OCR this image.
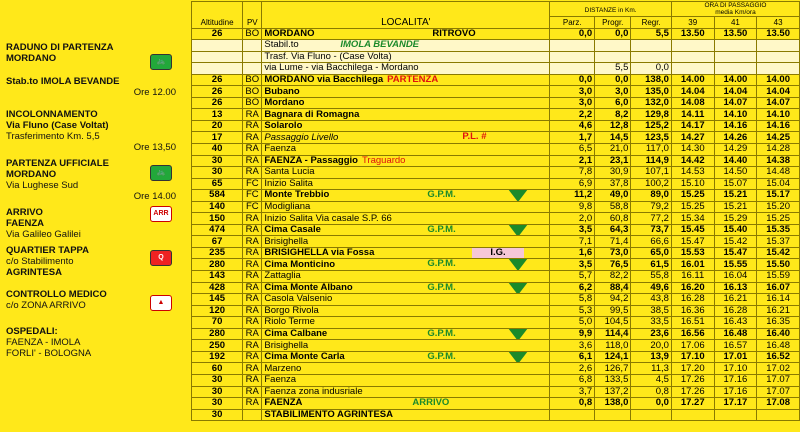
RADUNO DI PARTENZA
MORDANO	🚲
Stab.to IMOLA BEVANDE
Ore 12.00
INCOLONNAMENTO
Via Fluno (Case Voltat)
Trasferimento Km. 5,5
Ore 13,50
PARTENZA UFFICIALE
MORDANO
Via Lughese Sud
Ore 14.00
🚲
ARRIVO
FAENZA
Via Galileo Galilei
ARR
QUARTIER TAPPA
c/o Stabilimento
AGRINTESA
Q
CONTROLLO MEDICO
c/o ZONA ARRIVO	▲
OSPEDALI:
FAENZA - IMOLA
FORLI' - BOLOGNA
Altitudine	PV	LOCALITA'	DISTANZE in Km.			ORA DI PASSAGGIO
media Km/ora		
			Parz.	Progr.	Regr.	39	41	43
26	BO	MORDANO RITROVO	0,0	0,0	5,5	13.50	13.50	13.50
		Stabil.to IMOLA BEVANDE						

		Trasf. Via Fluno - (Case Volta)						
		via Lume - via Bacchilega - Mordano		5,5	0,0			
26	BO	MORDANO via Bacchilega PARTENZA	0,0	0,0	138,0	14.00	14.00	14.00
26	BO	Bubano	3,0	3,0	135,0	14.04	14.04	14.04
26	BO	Mordano	3,0	6,0	132,0	14.08	14.07	14.07
13	RA	Bagnara di Romagna	2,2	8,2	129,8	14.11	14.10	14.10
20	RA	Solarolo	4,6	12,8	125,2	14.17	14.16	14.16
17	RA	Passaggio Livello P.L. #	1,7	14,5	123,5	14.27	14.26	14.25
40	RA	Faenza	6,5	21,0	117,0	14.30	14.29	14.28
30	RA	FAENZA - Passaggio Traguardo	2,1	23,1	114,9	14.42	14.40	14.38
30	RA	Santa Lucia	7,8	30,9	107,1	14.53	14.50	14.48
65	FC	Inizio Salita	6,9	37,8	100,2	15.10	15.07	15.04
584	FC	Monte Trebbio G.P.M.	11,2	49,0	89,0	15.25	15.21	15.17
140	FC	Modigliana	9,8	58,8	79,2	15.25	15.21	15.20
150	RA	Inizio Salita Via casale S.P. 66	2,0	60,8	77,2	15.34	15.29	15.25
474	RA	Cima Casale G.P.M.	3,5	64,3	73,7	15.45	15.40	15.35
67	RA	Brisighella	7,1	71,4	66,6	15.47	15.42	15.37
235	RA	BRISIGHELLA via Fossa I.G.	1,6	73,0	65,0	15.53	15.47	15.42
280	RA	Cima Monticino G.P.M.	3,5	76,5	61,5	16.01	15.55	15.50
143	RA	Zattaglia	5,7	82,2	55,8	16.11	16.04	15.59
428	RA	Cima Monte Albano G.P.M.	6,2	88,4	49,6	16.20	16.13	16.07
145	RA	Casola Valsenio	5,8	94,2	43,8	16.28	16.21	16.14
120	RA	Borgo Rivola	5,3	99,5	38,5	16.36	16.28	16.21
70	RA	Riolo Terme	5,0	104,5	33,5	16.51	16.43	16.35
280	RA	Cima Calbane G.P.M.	9,9	114,4	23,6	16.56	16.48	16.40
250	RA	Brisighella	3,6	118,0	20,0	17.06	16.57	16.48
192	RA	Cima Monte Carla G.P.M.	6,1	124,1	13,9	17.10	17.01	16.52
60	RA	Marzeno	2,6	126,7	11,3	17.20	17.10	17.02
30	RA	Faenza	6,8	133,5	4,5	17.26	17.16	17.07
30	RA	Faenza zona indusriale	3,7	137,2	0,8	17.26	17.16	17.07
30	RA	FAENZA ARRIVO	0,8	138,0	0,0	17.27	17.17	17.08
30		STABILIMENTO AGRINTESA						
